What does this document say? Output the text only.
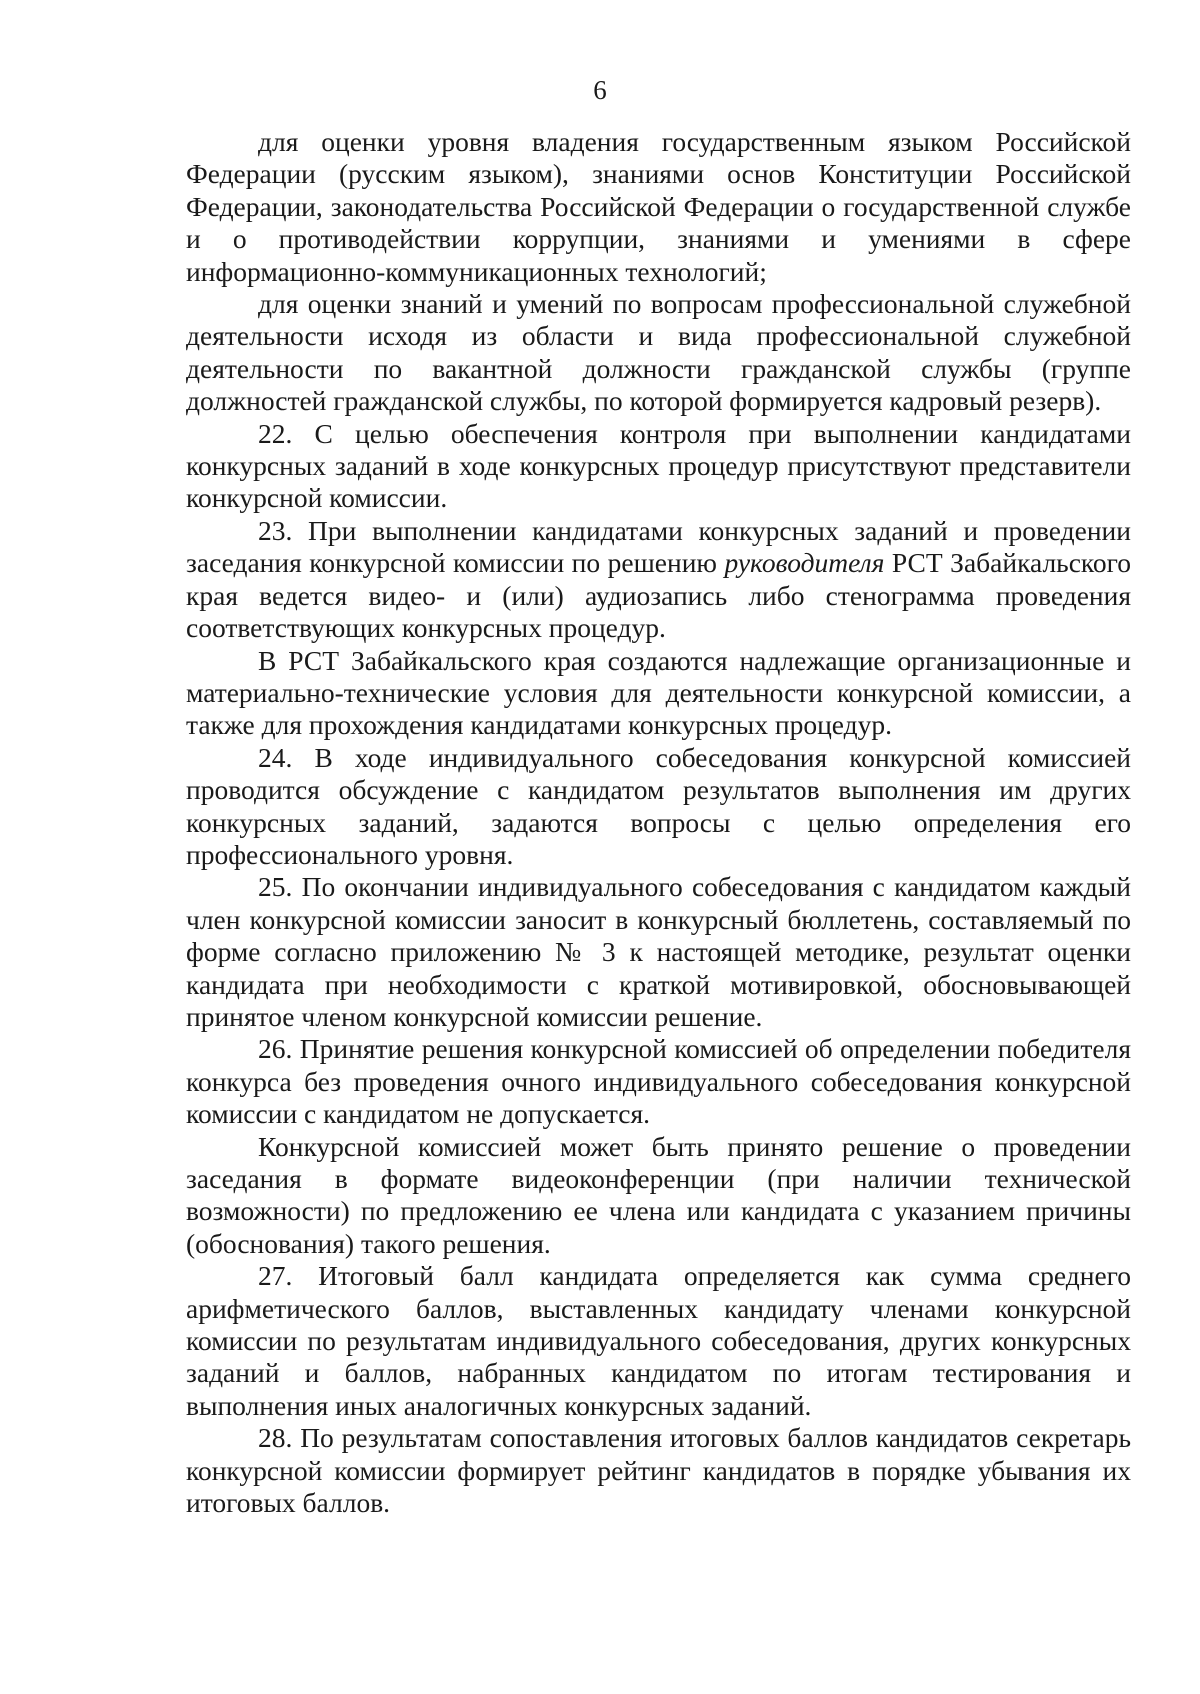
6

для оценки уровня владения государственным языком Российской Федерации (русским языком), знаниями основ Конституции Российской Федерации, законодательства Российской Федерации о государственной службе и о противодействии коррупции, знаниями и умениями в сфере информационно-коммуникационных технологий;

для оценки знаний и умений по вопросам профессиональной служебной деятельности исходя из области и вида профессиональной служебной деятельности по вакантной должности гражданской службы (группе должностей гражданской службы, по которой формируется кадровый резерв).

22. С целью обеспечения контроля при выполнении кандидатами конкурсных заданий в ходе конкурсных процедур присутствуют представители конкурсной комиссии.

23. При выполнении кандидатами конкурсных заданий и проведении заседания конкурсной комиссии по решению руководителя РСТ Забайкальского края ведется видео- и (или) аудиозапись либо стенограмма проведения соответствующих конкурсных процедур.

В РСТ Забайкальского края создаются надлежащие организационные и материально-технические условия для деятельности конкурсной комиссии, а также для прохождения кандидатами конкурсных процедур.

24. В ходе индивидуального собеседования конкурсной комиссией проводится обсуждение с кандидатом результатов выполнения им других конкурсных заданий, задаются вопросы с целью определения его профессионального уровня.

25. По окончании индивидуального собеседования с кандидатом каждый член конкурсной комиссии заносит в конкурсный бюллетень, составляемый по форме согласно приложению № 3 к настоящей методике, результат оценки кандидата при необходимости с краткой мотивировкой, обосновывающей принятое членом конкурсной комиссии решение.

26. Принятие решения конкурсной комиссией об определении победителя конкурса без проведения очного индивидуального собеседования конкурсной комиссии с кандидатом не допускается.

Конкурсной комиссией может быть принято решение о проведении заседания в формате видеоконференции (при наличии технической возможности) по предложению ее члена или кандидата с указанием причины (обоснования) такого решения.

27. Итоговый балл кандидата определяется как сумма среднего арифметического баллов, выставленных кандидату членами конкурсной комиссии по результатам индивидуального собеседования, других конкурсных заданий и баллов, набранных кандидатом по итогам тестирования и выполнения иных аналогичных конкурсных заданий.

28. По результатам сопоставления итоговых баллов кандидатов секретарь конкурсной комиссии формирует рейтинг кандидатов в порядке убывания их итоговых баллов.
